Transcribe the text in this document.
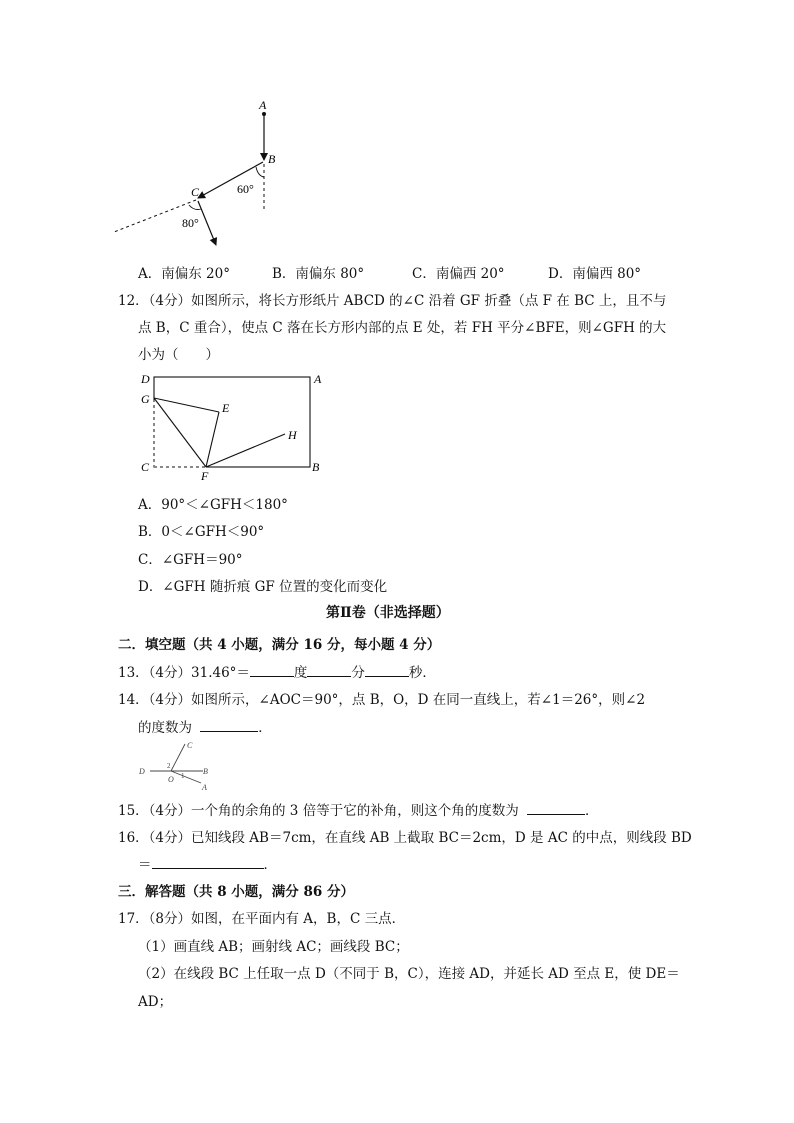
A
B
C	60°
80°
A．南偏东 20°	B．南偏东 80°	C．南偏西 20°	D．南偏西 80°
12．（4分）如图所示，将长方形纸片 ABCD 的∠C 沿着 GF 折叠（点 F 在 BC 上，且不与
点 B，C 重合），使点 C 落在长方形内部的点 E 处，若 FH 平分∠BFE，则∠GFH 的大
小为（　　）
D	A
G
E
H
C
F
B
A．90°＜∠GFH＜180°
B．0＜∠GFH＜90°
C．∠GFH＝90°
D．∠GFH 随折痕 GF 位置的变化而变化
第Ⅱ卷（非选择题）
二．填空题（共 4 小题，满分 16 分，每小题 4 分）
13．（4分）31.46°＝	度	分	秒．
14．（4分）如图所示，∠AOC＝90°，点 B，O，D 在同一直线上，若∠1＝26°，则∠2
的度数为	．
C
D
O
B
A
1
2
15．（4分）一个角的余角的 3 倍等于它的补角，则这个角的度数为	．
16．（4分）已知线段 AB＝7cm，在直线 AB 上截取 BC＝2cm，D 是 AC 的中点，则线段 BD
＝	．
三．解答题（共 8 小题，满分 86 分）
17．（8分）如图，在平面内有 A，B，C 三点．
（1）画直线 AB；画射线 AC；画线段 BC；
（2）在线段 BC 上任取一点 D（不同于 B，C），连接 AD，并延长 AD 至点 E，使 DE＝
AD；
